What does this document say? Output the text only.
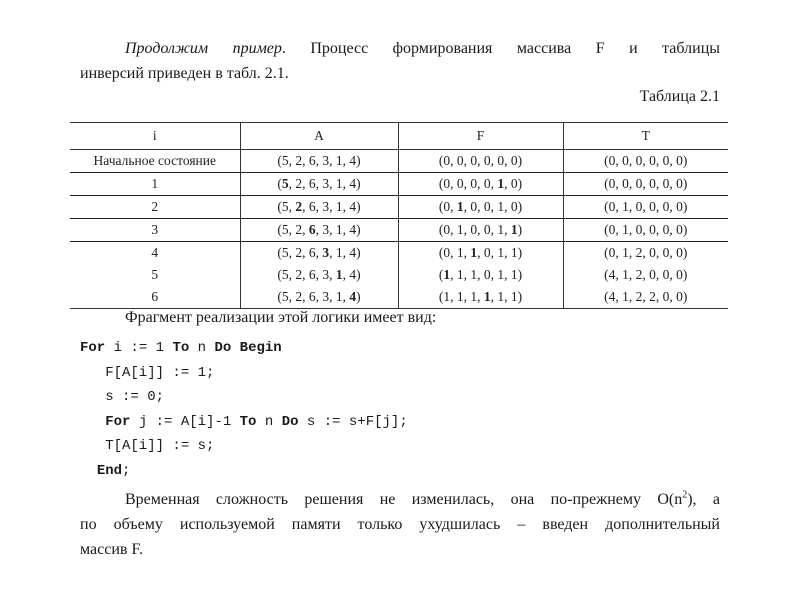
Продолжим пример. Процесс формирования массива F и таблицы
инверсий приведен в табл. 2.1.

Таблица 2.1
i	A	F	T
Начальное состояние	(5, 2, 6, 3, 1, 4)	(0, 0, 0, 0, 0, 0)	(0, 0, 0, 0, 0, 0)
1	(5, 2, 6, 3, 1, 4)	(0, 0, 0, 0, 1, 0)	(0, 0, 0, 0, 0, 0)
2	(5, 2, 6, 3, 1, 4)	(0, 1, 0, 0, 1, 0)	(0, 1, 0, 0, 0, 0)
3	(5, 2, 6, 3, 1, 4)	(0, 1, 0, 0, 1, 1)	(0, 1, 0, 0, 0, 0)
4	(5, 2, 6, 3, 1, 4)	(0, 1, 1, 0, 1, 1)	(0, 1, 2, 0, 0, 0)
5	(5, 2, 6, 3, 1, 4)	(1, 1, 1, 0, 1, 1)	(4, 1, 2, 0, 0, 0)
6	(5, 2, 6, 3, 1, 4)	(1, 1, 1, 1, 1, 1)	(4, 1, 2, 2, 0, 0)
Фрагмент реализации этой логики имеет вид:
For i := 1 To n Do Begin
F[A[i]] := 1;
s := 0;
For j := A[i]-1 To n Do s := s+F[j];
T[A[i]] := s;
End;

Временная сложность решения не изменилась, она по-прежнему $O(n^2)$, а
по объему используемой памяти только ухудшилась – введен дополнительный
массив F.
